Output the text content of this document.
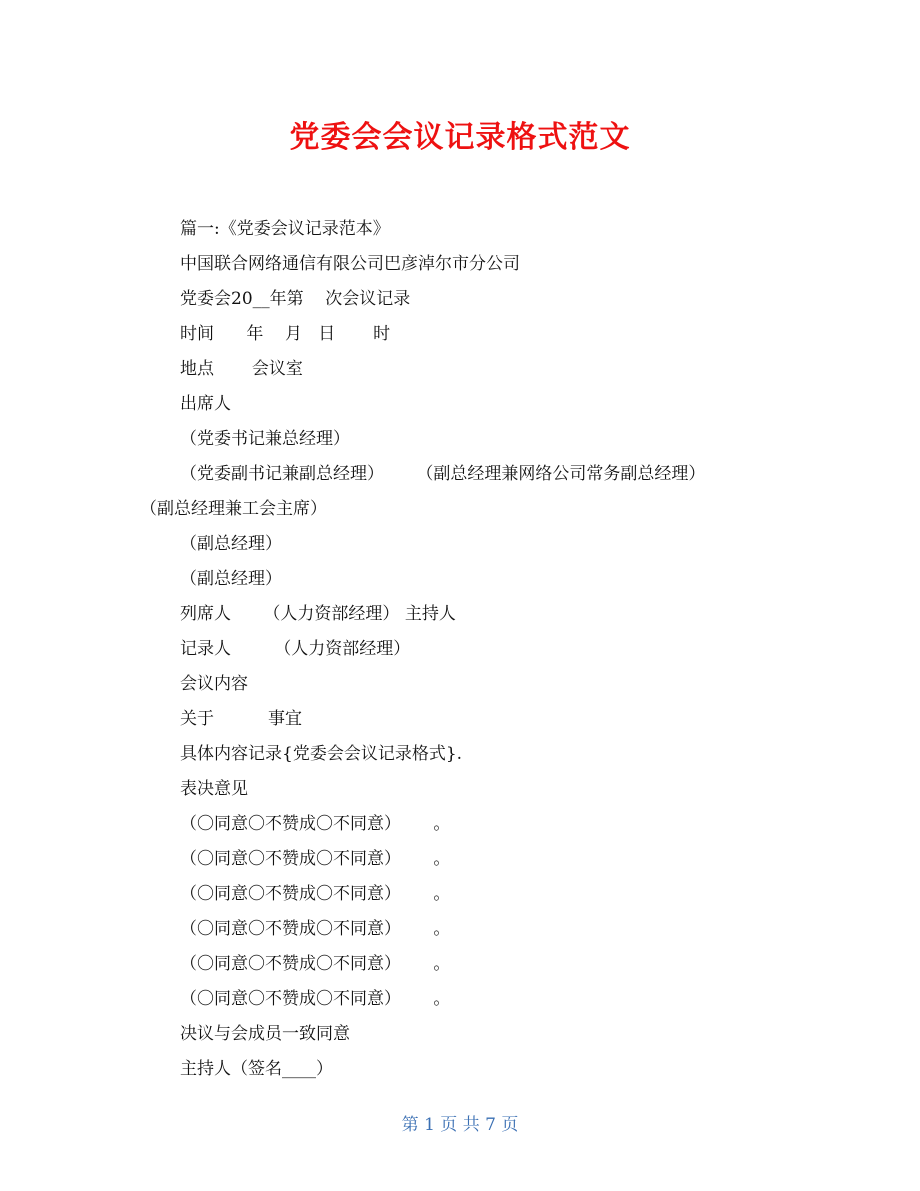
党委会会议记录格式范文
篇一:《党委会议记录范本》
中国联合网络通信有限公司巴彦淖尔市分公司
党委会20__年第    次会议记录
时间      年    月   日       时
地点       会议室
出席人
（党委书记兼总经理）
（党委副书记兼副总经理）      （副总经理兼网络公司常务副总经理）
（副总经理兼工会主席）
（副总经理）
（副总经理）
列席人      （人力资部经理） 主持人
记录人        （人力资部经理）
会议内容
关于          事宜
具体内容记录{党委会会议记录格式}.
表决意见
（〇同意〇不赞成〇不同意）      。
（〇同意〇不赞成〇不同意）      。
（〇同意〇不赞成〇不同意）      。
（〇同意〇不赞成〇不同意）      。
（〇同意〇不赞成〇不同意）      。
（〇同意〇不赞成〇不同意）      。
决议与会成员一致同意
主持人（签名____）
第 1 页 共 7 页
